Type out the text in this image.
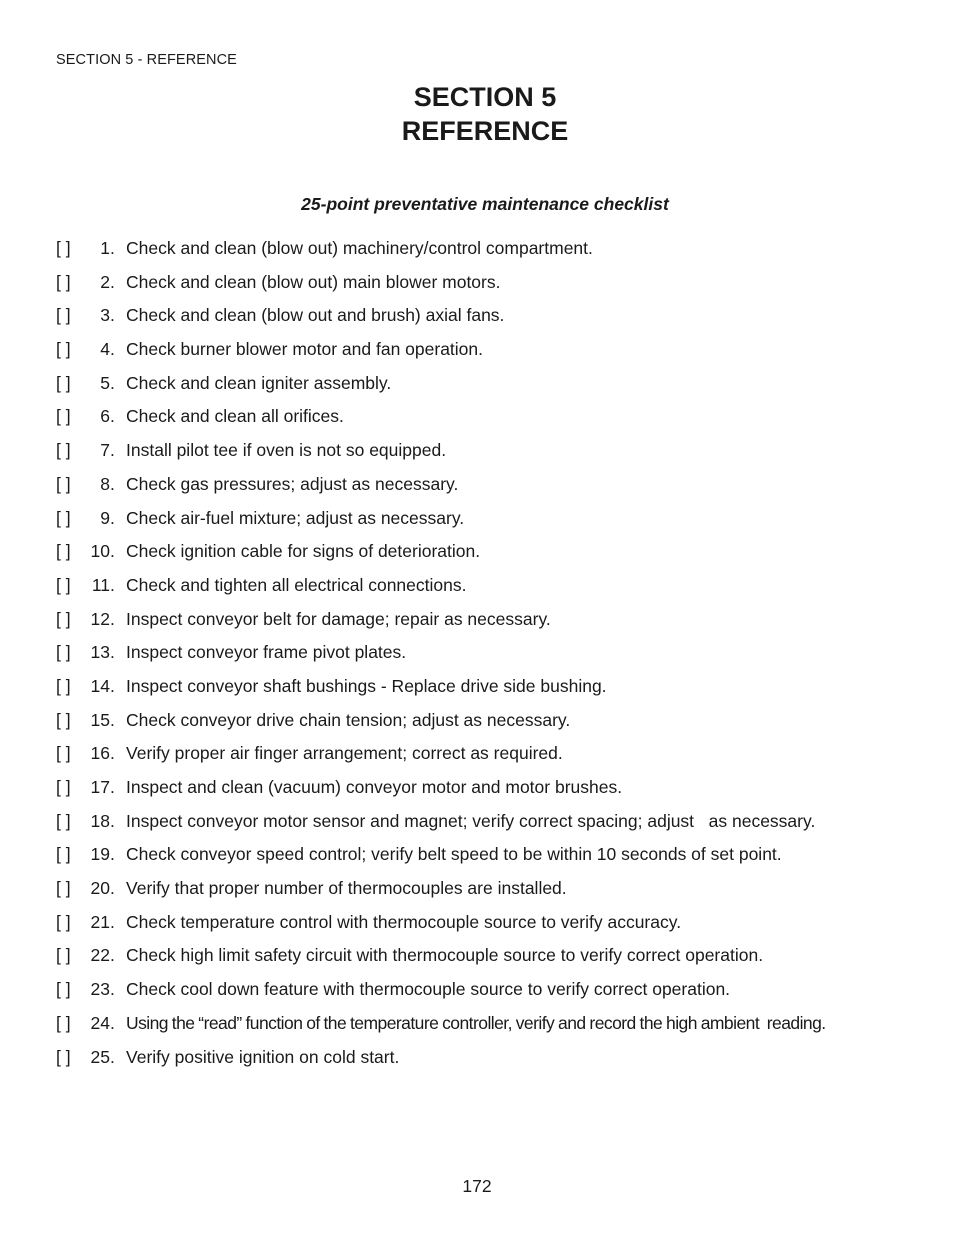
SECTION 5 - REFERENCE
SECTION 5
REFERENCE
25-point preventative maintenance checklist
[ ]	1 . Check and clean (blow out) machinery/control compartment.
[ ]	2 . Check and clean (blow out) main blower motors.
[ ]	3 . Check and clean (blow out and brush) axial fans.
[ ]	4 . Check burner blower motor and fan operation.
[ ]	5 . Check and clean igniter assembly.
[ ]	6 . Check and clean all orifices.
[ ]	7 . Install pilot tee if oven is not so equipped.
[ ]	8 . Check gas pressures; adjust as necessary.
[ ]	9 . Check air-fuel mixture; adjust as necessary.
[ ]	10 . Check ignition cable for signs of deterioration.
[ ]	11 . Check and tighten all electrical connections.
[ ]	12 . Inspect conveyor belt for damage; repair as necessary.
[ ]	13 . Inspect conveyor frame pivot plates.
[ ]	14 . Inspect conveyor shaft bushings - Replace drive side bushing.
[ ]	15 . Check conveyor drive chain tension; adjust as necessary.
[ ]	16 . Verify proper air finger arrangement; correct as required.
[ ]	17 . Inspect and clean (vacuum) conveyor motor and motor brushes.
[ ]	18 . Inspect conveyor motor sensor and magnet; verify correct spacing; adjust   as necessary.
[ ]	19 . Check conveyor speed control; verify belt speed to be within 10 seconds of set point.
[ ]	20 . Verify that proper number of thermocouples are installed.
[ ]	21 . Check temperature control with thermocouple source to verify accuracy.
[ ]	22 . Check high limit safety circuit with thermocouple source to verify correct operation.
[ ]	23 . Check cool down feature with thermocouple source to verify correct operation.
[ ]	24 . Using the “read” function of the temperature controller, verify and record the high ambient  reading.
[ ]	25 . Verify positive ignition on cold start.
172
